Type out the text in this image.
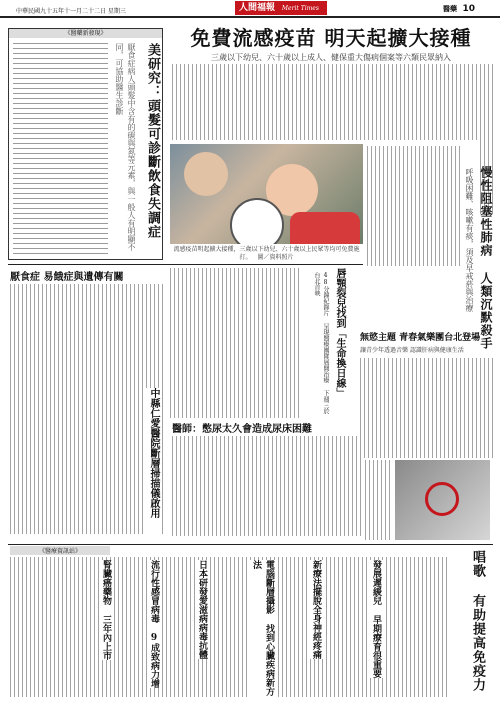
中華民國九十五年十一月二十二日 星期三	人間福報 Merit Times	醫藥 10
《醫藥新發現》
美研究：頭髮可診斷飲食失調症
厭食症病人頭髮中含有的碳與氮等元素，與一般人有明顯不同，可協助醫生診斷
免費流感疫苗 明天起擴大接種
三歲以下幼兒、六十歲以上成人、健保重大傷病個案等六類民眾納入
流感疫苗明起擴大接種，三歲以下幼兒、六十歲以上民眾等均可免費施打。 圖／資料照片	慢性阻塞性肺病 人類沉默殺手
呼吸困難、咳嗽有痰，須及早戒菸與治療
厭食症 易餓症與遺傳有關
中縣仁愛醫院斷層掃描儀啟用
唇顎裂兒找到「生命換日線」
48分鐘紀錄片 呈現醫療團隊展開治療 下週三於台北首映
無慾主題 青春氣樂團台北登場
讓青少年透過音樂 認識肝病與健康生活
醫師：憋尿太久會造成尿床困難
《醫療資訊站》
腎臟癌藥物 三年內上市	流行性感冒病毒 9成致病力增	日本研發愛滋病病毒抗體	電腦斷層攝影 找到心臟疾病新方法	新療法擺脫全身神經疼痛	發展遲緩兒 早期療育很重要	唱歌 有助提高免疫力
